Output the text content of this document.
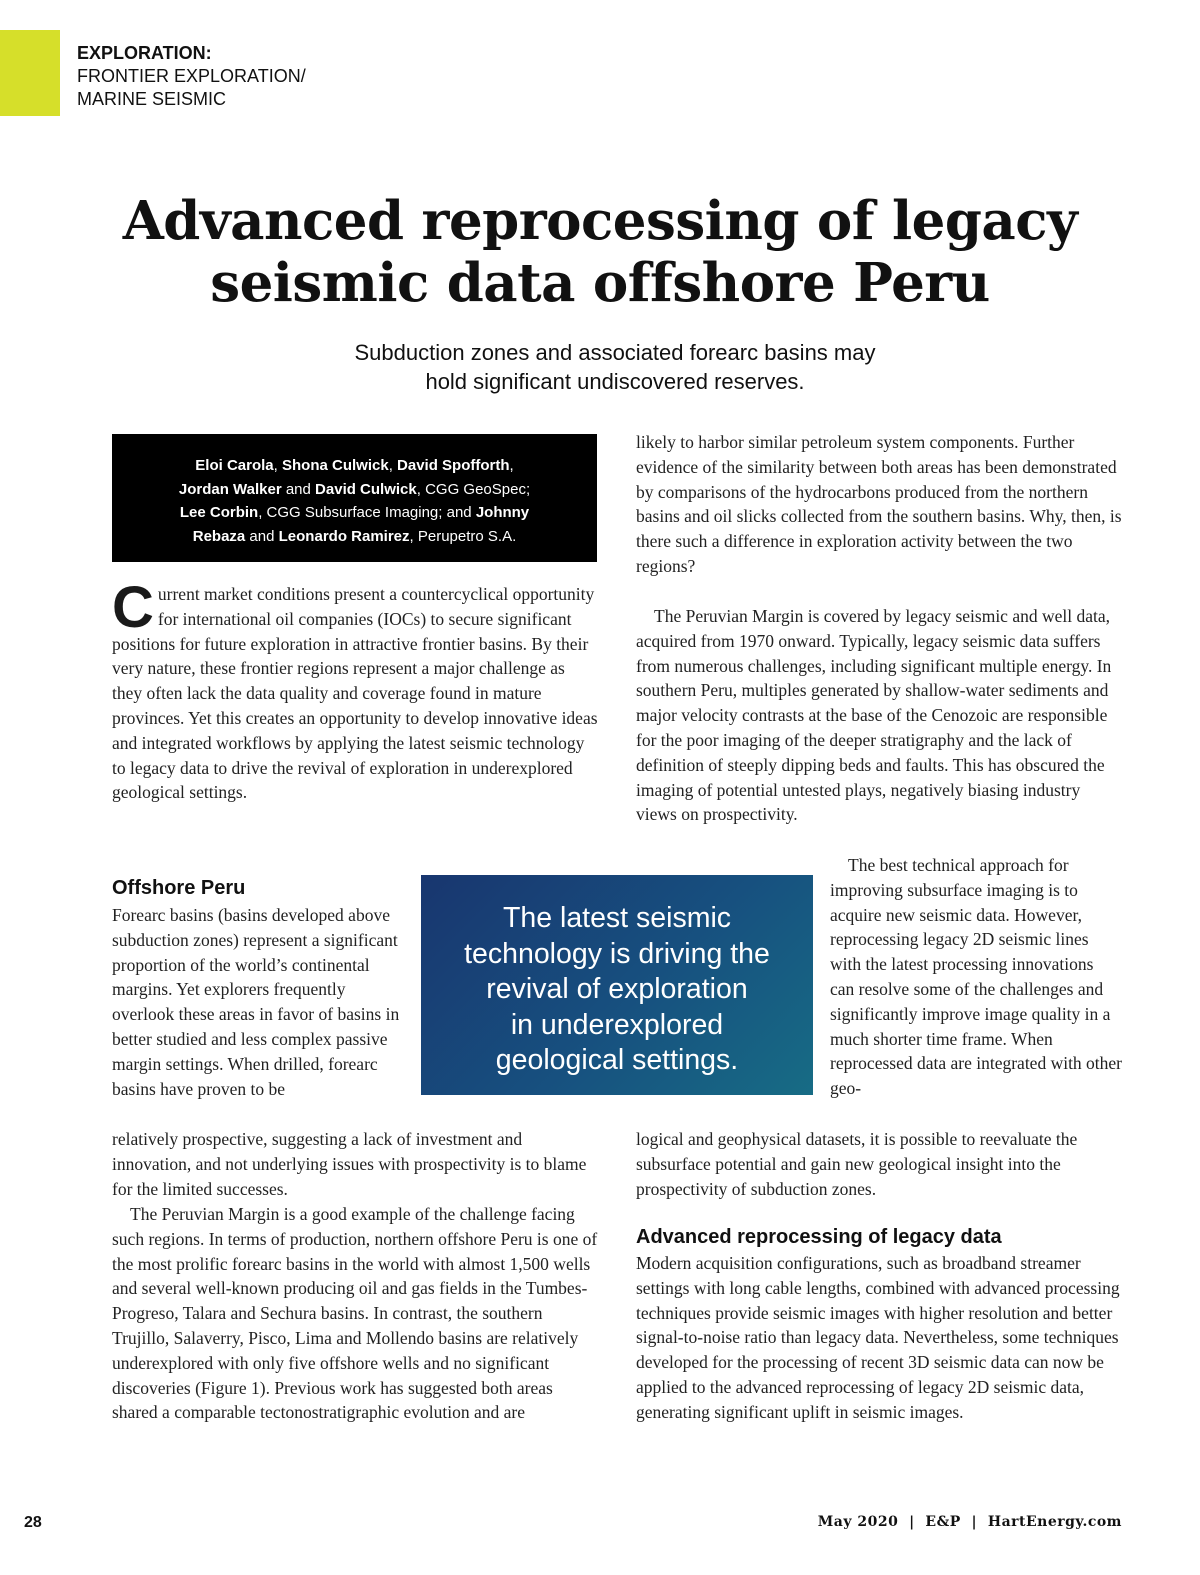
EXPLORATION:
FRONTIER EXPLORATION/
MARINE SEISMIC
Advanced reprocessing of legacy
seismic data offshore Peru

Subduction zones and associated forearc basins may
hold significant undiscovered reserves.

Eloi Carola, Shona Culwick, David Spofforth,
Jordan Walker and David Culwick, CGG GeoSpec;
Lee Corbin, CGG Subsurface Imaging; and Johnny
Rebaza and Leonardo Ramirez, Perupetro S.A.

Current market conditions present a countercyclical opportunity for international oil companies (IOCs) to secure significant positions for future exploration in attractive frontier basins. By their very nature, these frontier regions represent a major challenge as they often lack the data quality and coverage found in mature provinces. Yet this creates an opportunity to develop innovative ideas and integrated workflows by applying the latest seismic technology to legacy data to drive the revival of exploration in underexplored geological settings.

Offshore Peru

Forearc basins (basins developed above subduction zones) represent a significant proportion of the world’s continental margins. Yet explorers frequently overlook these areas in favor of basins in better studied and less complex passive margin settings. When drilled, forearc basins have proven to be

relatively prospective, suggesting a lack of investment and innovation, and not underlying issues with prospectivity is to blame for the limited successes.

The Peruvian Margin is a good example of the challenge facing such regions. In terms of production, northern offshore Peru is one of the most prolific forearc basins in the world with almost 1,500 wells and several well-known producing oil and gas fields in the Tumbes-Progreso, Talara and Sechura basins. In contrast, the southern Trujillo, Salaverry, Pisco, Lima and Mollendo basins are relatively underexplored with only five offshore wells and no significant discoveries (Figure 1). Previous work has suggested both areas shared a comparable tectonostratigraphic evolution and are

likely to harbor similar petroleum system components. Further evidence of the similarity between both areas has been demonstrated by comparisons of the hydrocarbons produced from the northern basins and oil slicks collected from the southern basins. Why, then, is there such a difference in exploration activity between the two regions?

The Peruvian Margin is covered by legacy seismic and well data, acquired from 1970 onward. Typically, legacy seismic data suffers from numerous challenges, including significant multiple energy. In southern Peru, multiples generated by shallow-water sediments and major velocity contrasts at the base of the Cenozoic are responsible for the poor imaging of the deeper stratigraphy and the lack of definition of steeply dipping beds and faults. This has obscured the imaging of potential untested plays, negatively biasing industry views on prospectivity.

The best technical approach for improving subsurface imaging is to acquire new seismic data. However, reprocessing legacy 2D seismic lines with the latest processing innovations can resolve some of the challenges and significantly improve image quality in a much shorter time frame. When reprocessed data are integrated with other geo-

logical and geophysical datasets, it is possible to reevaluate the subsurface potential and gain new geological insight into the prospectivity of subduction zones.

Advanced reprocessing of legacy data

Modern acquisition configurations, such as broadband streamer settings with long cable lengths, combined with advanced processing techniques provide seismic images with higher resolution and better signal-to-noise ratio than legacy data. Nevertheless, some techniques developed for the processing of recent 3D seismic data can now be applied to the advanced reprocessing of legacy 2D seismic data, generating significant uplift in seismic images.

The latest seismic
technology is driving the
revival of exploration
in underexplored
geological settings.
28	May 2020  |  E&P  |  HartEnergy.com
